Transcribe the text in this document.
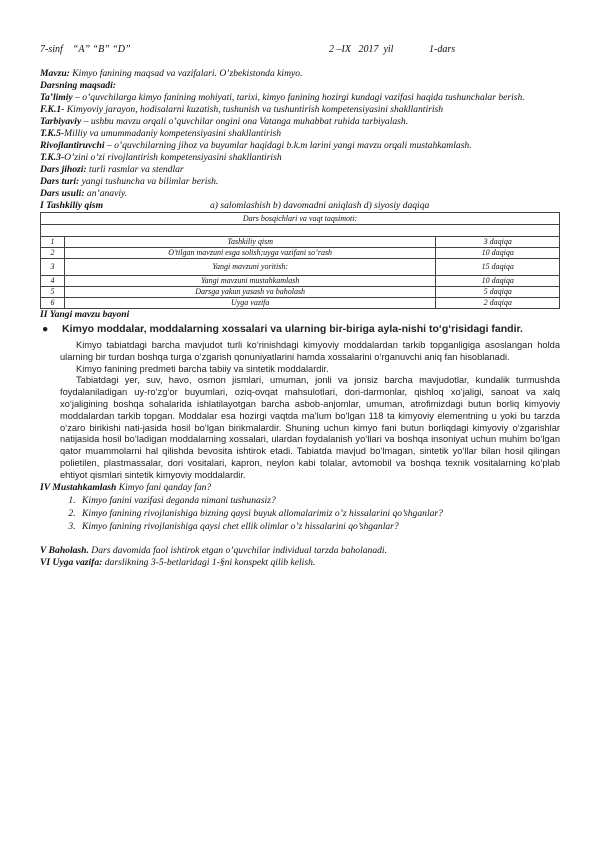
7-sinf    “A” “B” “D”	2 –IX   2017  yil	1-dars
Mavzu: Kimyo fanining maqsad va vazifalari. O’zbekistonda kimyo.
Darsning maqsadi:
Ta’limiy – o’quvchilarga kimyo fanining mohiyati, tarixi, kimyo fanining hozirgi kundagi vazifasi haqida tushunchalar berish.
F.K.1- Kimyoviy jarayon, hodisalarni kuzatish, tushunish va tushuntirish kompetensiyasini shakllantirish
Tarbiyaviy – ushbu mavzu orqali o’quvchilar ongini ona Vatanga muhabbat ruhida tarbiyalash.
T.K.5-Milliy va umummadaniy kompetensiyasini shakllantirish
Rivojlantiruvchi – o’quvchilarning jihoz va buyumlar haqidagi b.k.m larini yangi mavzu orqali mustahkamlash.
T.K.3-O’zini o’zi rivojlantirish kompetensiyasini shakllantirish
Dars jihozi: turli rasmlar va stendlar
Dars turi: yangi tushuncha va bilimlar berish.
Dars usuli: an’anaviy.
I Tashkiliy qism	a) salomlashish b) davomadni aniqlash d) siyosiy daqiqa
Dars bosqichlari va vaqt taqsimoti:		

1	Tashkiliy qism	3 daqiqa
2	O’tilgan mavzuni esga solish;uyga vazifani so’rash	10 daqiqa
3	Yangi mavzuni yoritish:	15 daqiqa
4	Yangi mavzuni mustahkamlash	10 daqiqa
5	Darsga yakun yasash va baholash	5 daqiqa
6	Uyga vazifa	2 daqiqa
II Yangi mavzu bayoni
● Kimyo moddalar, moddalarning xossalari va ularning bir-biriga ayla-nishi to‘g‘risidagi fandir.
Kimyo tabiatdagi barcha mavjudot turli ko‘rinishdagi kimyoviy moddalardan tarkib topganligiga asoslangan holda ularning bir turdan boshqa turga o‘zgarish qonuniyatlarini hamda xossalarini o‘rganuvchi aniq fan hisoblanadi.
Kimyo fanining predmeti barcha tabiiy va sintetik moddalardir.
Tabiatdagi yer, suv, havo, osmon jismlari, umuman, jonli va jonsiz barcha mavjudotlar, kundalik turmushda foydalaniladigan uy-ro‘zg‘or buyumlari, oziq-ovqat mahsulotlari, dori-darmonlar, qishloq xo‘jaligi, sanoat va xalq xo‘jaligining boshqa sohalarida ishlatilayotgan barcha asbob-anjomlar, umuman, atrofimizdagi butun borliq kimyoviy moddalardan tarkib topgan. Moddalar esa hozirgi vaqtda ma’lum bo‘lgan 118 ta kimyoviy elementning u yoki bu tarzda o‘zaro birikishi nati-jasida hosil bo‘lgan birikmalardir. Shuning uchun kimyo fani butun borliqdagi kimyoviy o‘zgarishlar natijasida hosil bo‘ladigan moddalarning xossalari, ulardan foydalanish yo‘llari va boshqa insoniyat uchun muhim bo‘lgan qator muammolarni hal qilishda bevosita ishtirok etadi. Tabiatda mavjud bo‘lmagan, sintetik yo‘llar bilan hosil qilingan polietilen, plastmassalar, dori vositalari, kapron, neylon kabi tolalar, avtomobil va boshqa texnik vositalarning ko‘plab ehtiyot qismlari sintetik kimyoviy moddalardir.
IV Mustahkamlash Kimyo fani qanday fan?
1. Kimyo fanini vazifasi deganda nimani tushunasiz?
2. Kimyo fanining rivojlanishiga bizning qaysi buyuk allomalarimiz o’z hissalarini qo’shganlar?
3. Kimyo fanining rivojlanishiga qaysi chet ellik olimlar o’z hissalarini qo’shganlar?
V Baholash. Dars davomida faol ishtirok etgan o’quvchilar individual tarzda baholanadi.
VI Uyga vazifa: darslikning 3-5-betlaridagi 1-§ni konspekt qilib kelish.
